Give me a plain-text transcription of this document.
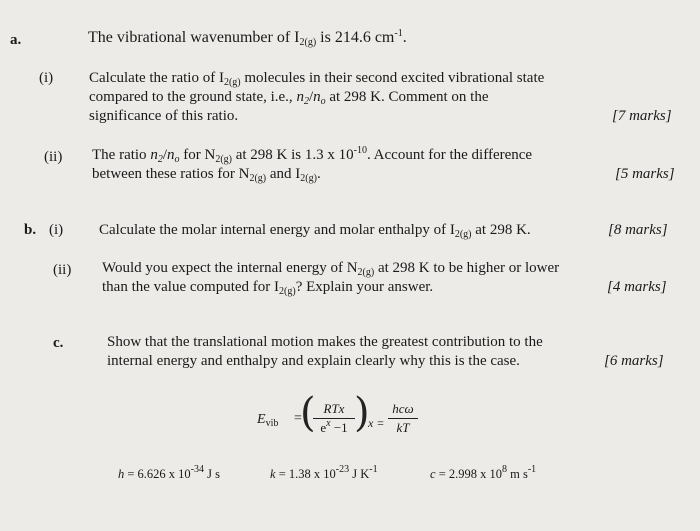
a.	The vibrational wavenumber of $I_{2(g)}$ is 214.6 $cm^{-1}$.
(i) Calculate the ratio of $I_{2(g)}$ molecules in their second excited vibrational state
compared to the ground state, i.e., $n_2/n_o$ at 298 K. Comment on the
significance of this ratio.	[7 marks]
(ii) The ratio $n_2/n_o$ for $N_{2(g)}$ at 298 K is 1.3 x $10^{-10}$. Account for the difference
between these ratios for $N_{2(g)}$ and $I_{2(g)}$.	[5 marks]
b. (i) Calculate the molar internal energy and molar enthalpy of $I_{2(g)}$ at 298 K.	[8 marks]
(ii) Would you expect the internal energy of $N_{2(g)}$ at 298 K to be higher or lower
than the value computed for $I_{2(g)}$? Explain your answer.	[4 marks]
c.	Show that the translational motion makes the greatest contribution to the
internal energy and enthalpy and explain clearly why this is the case.	[6 marks]
$E_{vib}$ =
( RTx
$e^x -1$ )
x =
hcω
kT
h = 6.626 x $10^{-34}$ J s	k = 1.38 x $10^{-23}$ J $K^{-1}$	c = 2.998 x $10^8$ m $s^{-1}$
